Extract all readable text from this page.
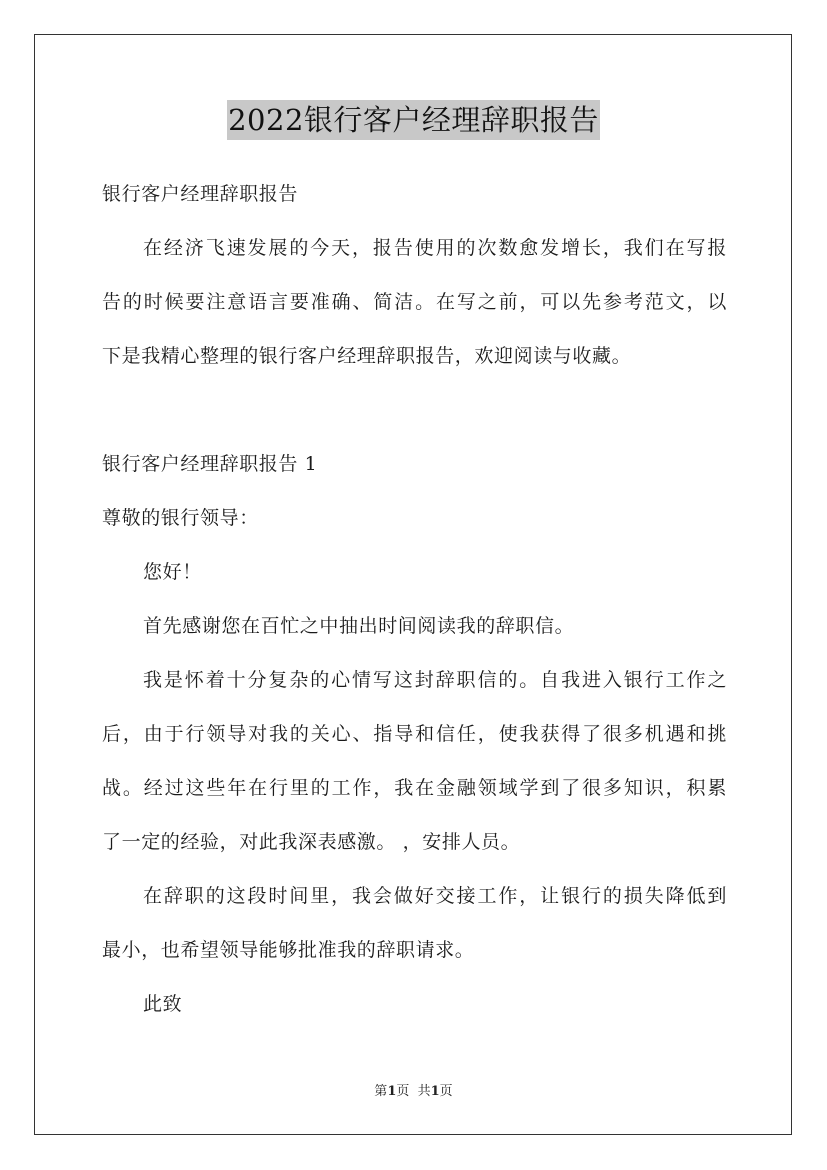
2022银行客户经理辞职报告
银行客户经理辞职报告
在经济飞速发展的今天，报告使用的次数愈发增长，我们在写报
告的时候要注意语言要准确、简洁。在写之前，可以先参考范文，以
下是我精心整理的银行客户经理辞职报告，欢迎阅读与收藏。
银行客户经理辞职报告 1
尊敬的银行领导：
您好！
首先感谢您在百忙之中抽出时间阅读我的辞职信。
我是怀着十分复杂的心情写这封辞职信的。自我进入银行工作之
后，由于行领导对我的关心、指导和信任，使我获得了很多机遇和挑
战。经过这些年在行里的工作，我在金融领域学到了很多知识，积累
了一定的经验，对此我深表感激。 ，安排人员。
在辞职的这段时间里，我会做好交接工作，让银行的损失降低到
最小，也希望领导能够批准我的辞职请求。
此致
第1页  共1页
